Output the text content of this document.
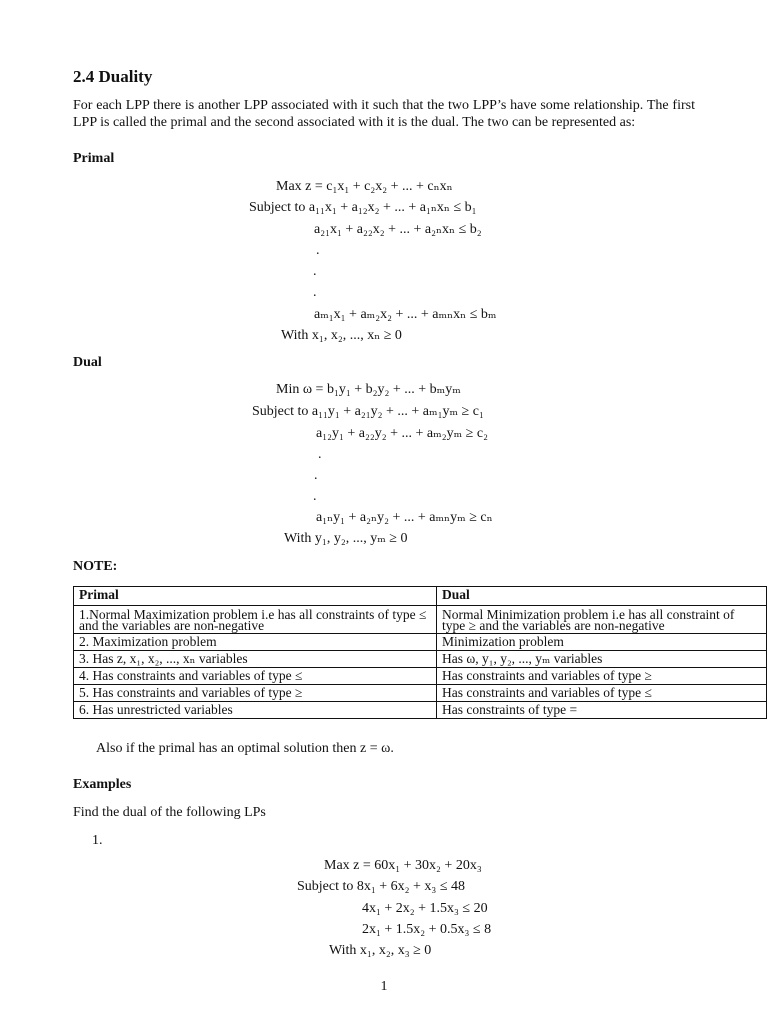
2.4 Duality
For each LPP there is another LPP associated with it such that the two LPP’s have some relationship. The first LPP is called the primal and the second associated with it is the dual. The two can be represented as:
Primal
Max z = c₁x₁ + c₂x₂ + ... + cₙxₙ
Subject to a₁₁x₁ + a₁₂x₂ + ... + a₁ₙxₙ ≤ b₁
a₂₁x₁ + a₂₂x₂ + ... + a₂ₙxₙ ≤ b₂
.
.
.
aₘ₁x₁ + aₘ₂x₂ + ... + aₘₙxₙ ≤ bₘ
With x₁, x₂, ..., xₙ ≥ 0
Dual
Min ω = b₁y₁ + b₂y₂ + ... + bₘyₘ
Subject to a₁₁y₁ + a₂₁y₂ + ... + aₘ₁yₘ ≥ c₁
a₁₂y₁ + a₂₂y₂ + ... + aₘ₂yₘ ≥ c₂
.
.
.
a₁ₙy₁ + a₂ₙy₂ + ... + aₘₙyₘ ≥ cₙ
With y₁, y₂, ..., yₘ ≥ 0
NOTE:
Primal	Dual
1.Normal Maximization problem i.e has all constraints of type ≤ and the variables are non-negative	Normal Minimization problem i.e has all constraint of type ≥ and the variables are non-negative
2. Maximization problem	Minimization problem
3. Has z, x₁, x₂, ..., xₙ variables	Has ω, y₁, y₂, ..., yₘ variables
4. Has constraints and variables of type ≤	Has constraints and variables of type ≥
5. Has constraints and variables of type ≥	Has constraints and variables of type ≤
6. Has unrestricted variables	Has constraints of type =
Also if the primal has an optimal solution then z = ω.
Examples
Find the dual of the following LPs
1.
Max z = 60x₁ + 30x₂ + 20x₃
Subject to 8x₁ + 6x₂ + x₃ ≤ 48
4x₁ + 2x₂ + 1.5x₃ ≤ 20
2x₁ + 1.5x₂ + 0.5x₃ ≤ 8
With x₁, x₂, x₃ ≥ 0
1
